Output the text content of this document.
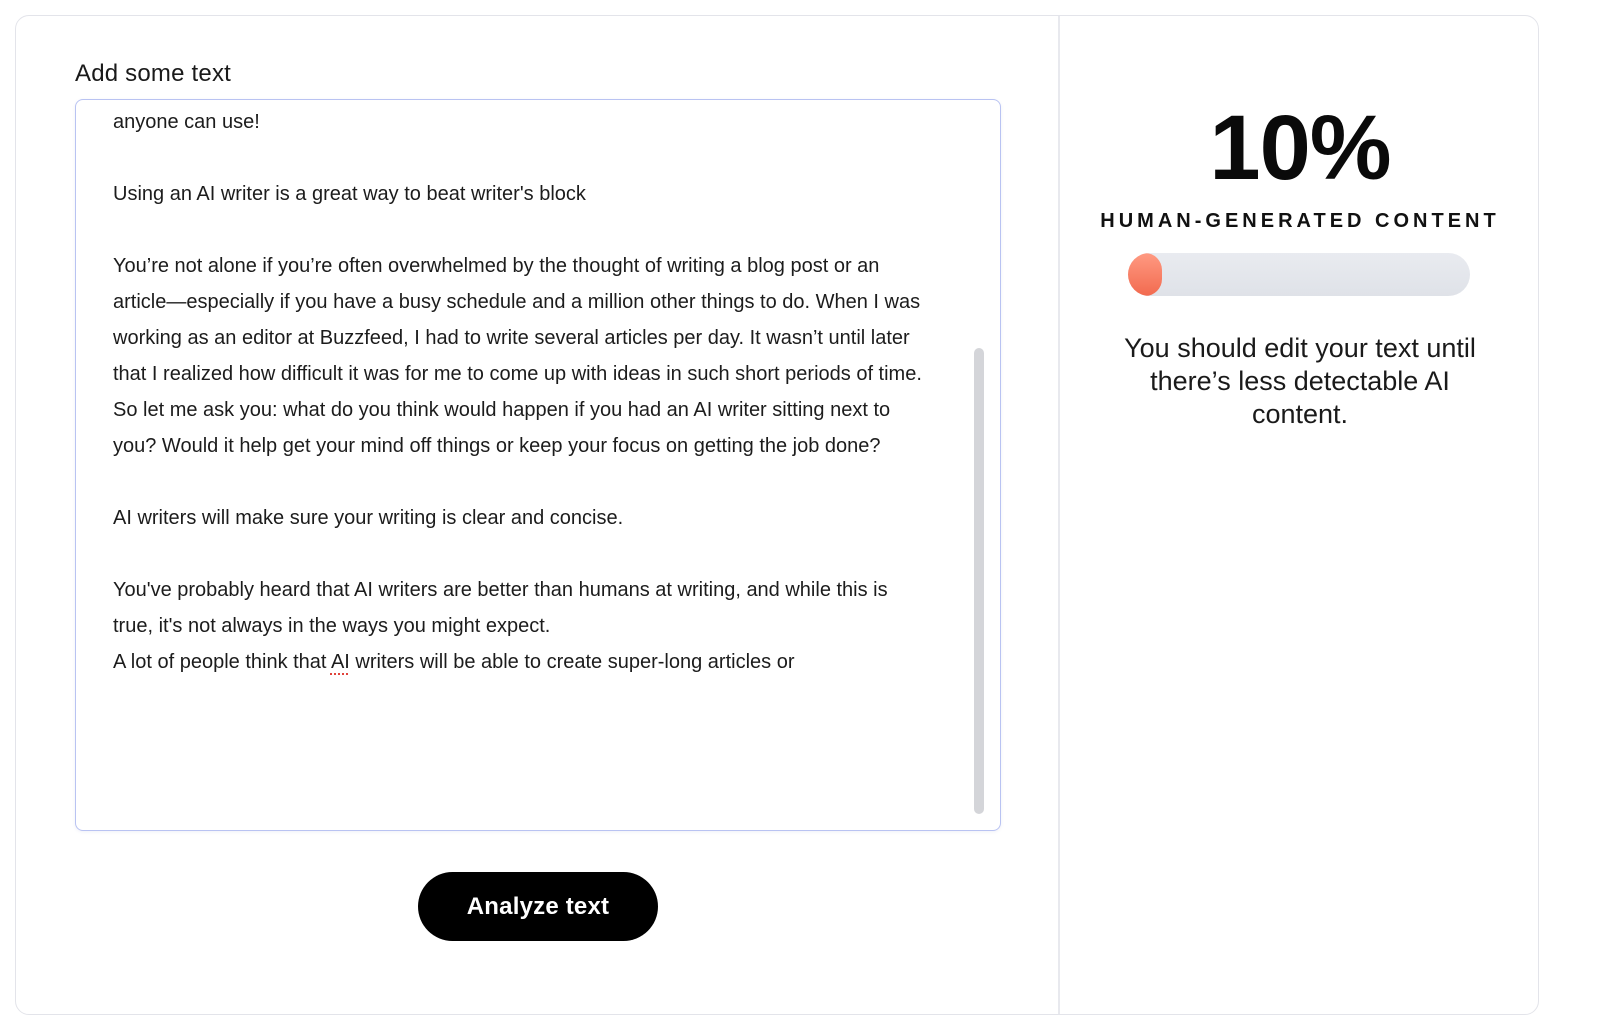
Add some text

anyone can use!

Using an AI writer is a great way to beat writer's block

You’re not alone if you’re often overwhelmed by the thought of writing a blog post or an article—especially if you have a busy schedule and a million other things to do. When I was working as an editor at Buzzfeed, I had to write several articles per day. It wasn’t until later that I realized how difficult it was for me to come up with ideas in such short periods of time.

So let me ask you: what do you think would happen if you had an AI writer sitting next to you? Would it help get your mind off things or keep your focus on getting the job done?

AI writers will make sure your writing is clear and concise.

You've probably heard that AI writers are better than humans at writing, and while this is true, it's not always in the ways you might expect.

A lot of people think that AI writers will be able to create super-long articles or

Analyze text
10%
HUMAN-GENERATED CONTENT
You should edit your text until there’s less detectable AI content.
